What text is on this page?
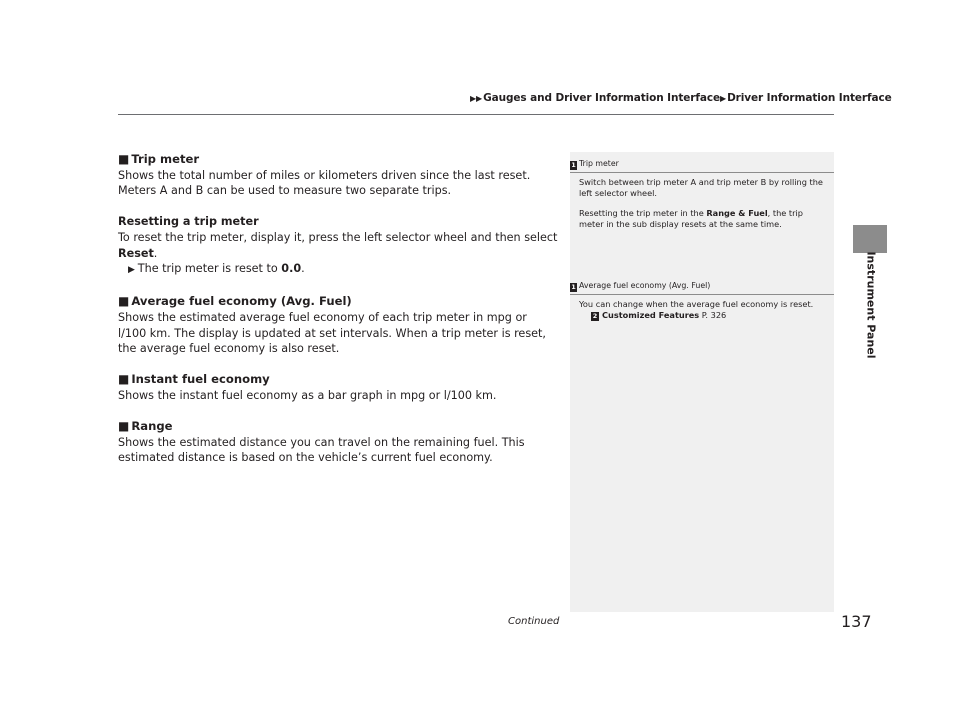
▶▶Gauges and Driver Information Interface▶Driver Information Interface
Instrument Panel

■ Trip meter

Shows the total number of miles or kilometers driven since the last reset. Meters A and B can be used to measure two separate trips.

Resetting a trip meter

To reset the trip meter, display it, press the left selector wheel and then select Reset.

▶ The trip meter is reset to 0.0.

■ Average fuel economy (Avg. Fuel)

Shows the estimated average fuel economy of each trip meter in mpg or l/100 km. The display is updated at set intervals. When a trip meter is reset, the average fuel economy is also reset.

■ Instant fuel economy

Shows the instant fuel economy as a bar graph in mpg or l/100 km.

■ Range

Shows the estimated distance you can travel on the remaining fuel. This estimated distance is based on the vehicle’s current fuel economy.

1 Trip meter

Switch between trip meter A and trip meter B by rolling the left selector wheel.

Resetting the trip meter in the Range & Fuel, the trip meter in the sub display resets at the same time.

1 Average fuel economy (Avg. Fuel)

You can change when the average fuel economy is reset.

2 Customized Features P. 326
Continued	137
